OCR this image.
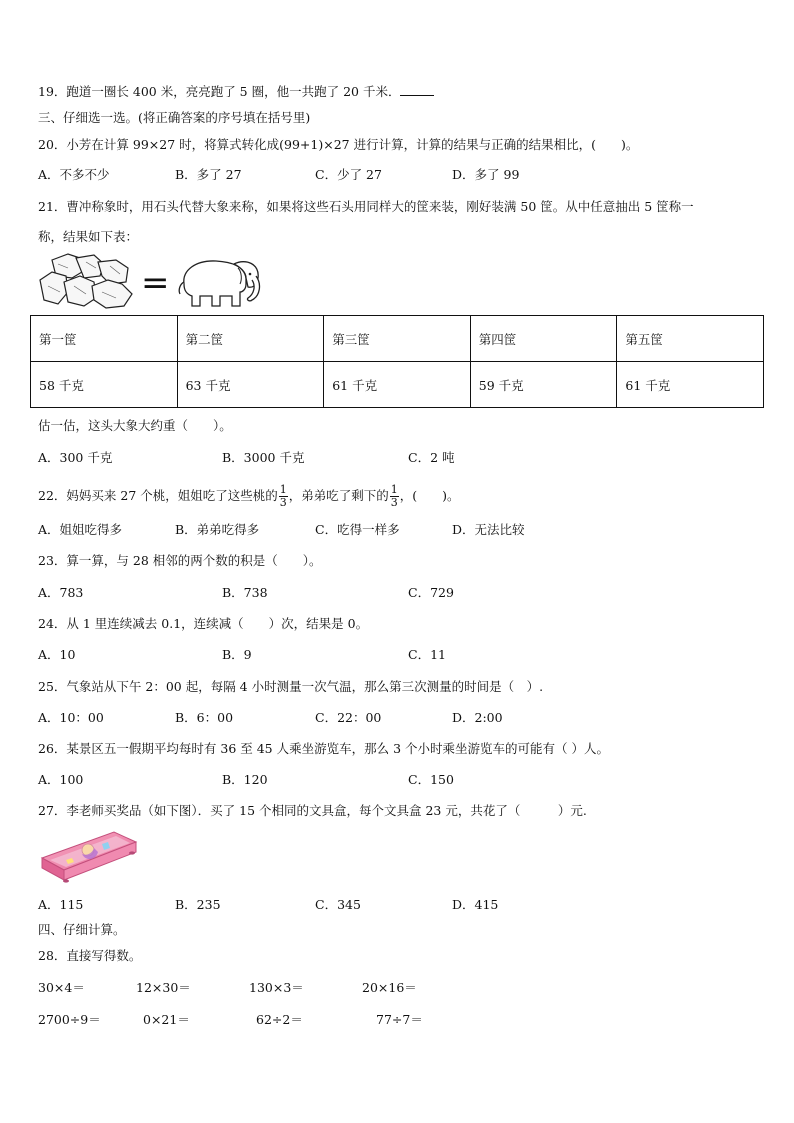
19．跑道一圈长 400 米，亮亮跑了 5 圈，他一共跑了 20 千米．
三、仔细选一选。(将正确答案的序号填在括号里)
20．小芳在计算 99×27 时，将算式转化成(99+1)×27 进行计算，计算的结果与正确的结果相比，(　　)。
A．不多不少	B．多了 27	C．少了 27	D．多了 99
21．曹冲称象时，用石头代替大象来称，如果将这些石头用同样大的筐来装，刚好装满 50 筐。从中任意抽出 5 筐称一
称，结果如下表：
=
第一筐	第二筐	第三筐	第四筐	第五筐
58 千克	63 千克	61 千克	59 千克	61 千克
估一估，这头大象大约重（　　）。
A．300 千克	B．3000 千克	C．2 吨
22．妈妈买来 27 个桃，姐姐吃了这些桃的 $\frac{1}{3}$ ，弟弟吃了剩下的 $\frac{1}{3}$ ，(　　)。
A．姐姐吃得多	B．弟弟吃得多	C．吃得一样多	D．无法比较
23．算一算，与 28 相邻的两个数的积是（　　）。
A．783	B．738	C．729
24．从 1 里连续减去 0.1，连续减（　　）次，结果是 0。
A．10	B．9	C．11
25．气象站从下午 2：00 起，每隔 4 小时测量一次气温，那么第三次测量的时间是（　）.
A．10：00	B．6：00	C．22：00	D．2:00
26．某景区五一假期平均每时有 36 至 45 人乘坐游览车，那么 3 个小时乘坐游览车的可能有（ ）人。
A．100	B．120	C．150
27．李老师买奖品（如下图）．买了 15 个相同的文具盒，每个文具盒 23 元，共花了（　　　）元.
A．115	B．235	C．345	D．415
四、仔细计算。
28．直接写得数。
30×4＝	12×30＝	130×3＝	20×16＝
2700÷9＝	0×21＝	62÷2＝	77÷7＝
